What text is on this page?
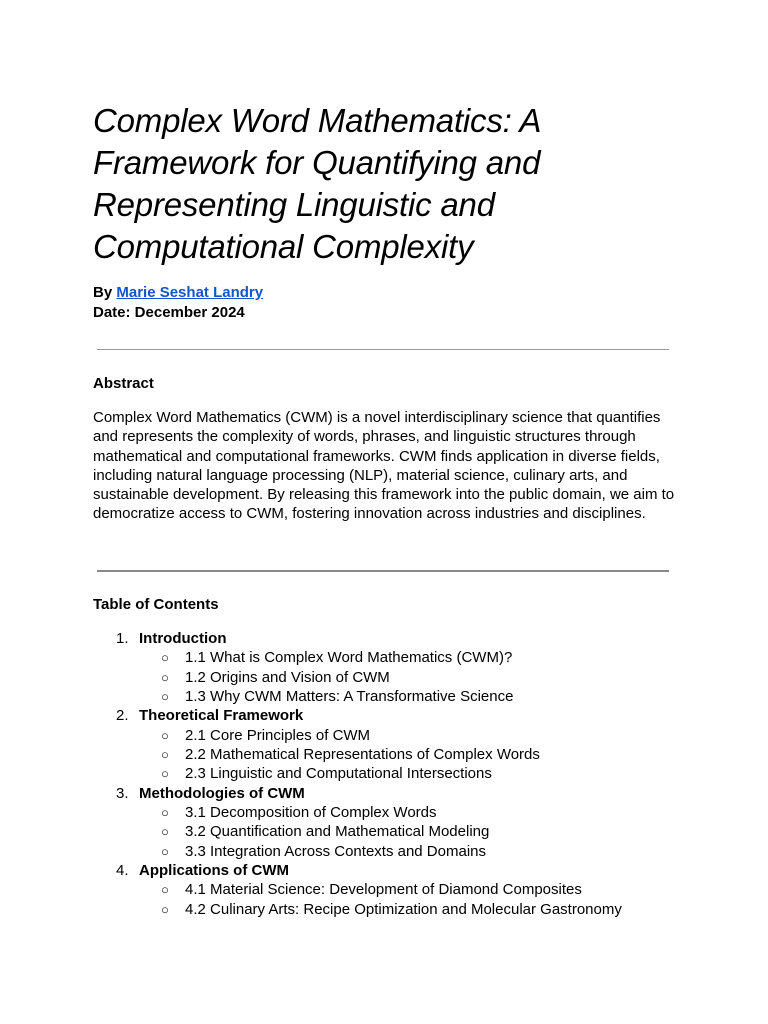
Complex Word Mathematics: A Framework for Quantifying and Representing Linguistic and Computational Complexity
By Marie Seshat Landry
Date: December 2024
Abstract

Complex Word Mathematics (CWM) is a novel interdisciplinary science that quantifies and represents the complexity of words, phrases, and linguistic structures through mathematical and computational frameworks. CWM finds application in diverse fields, including natural language processing (NLP), material science, culinary arts, and sustainable development. By releasing this framework into the public domain, we aim to democratize access to CWM, fostering innovation across industries and disciplines.

Table of Contents
1. Introduction
○ 1.1 What is Complex Word Mathematics (CWM)?
○ 1.2 Origins and Vision of CWM
○ 1.3 Why CWM Matters: A Transformative Science
2. Theoretical Framework
○ 2.1 Core Principles of CWM
○ 2.2 Mathematical Representations of Complex Words
○ 2.3 Linguistic and Computational Intersections
3. Methodologies of CWM
○ 3.1 Decomposition of Complex Words
○ 3.2 Quantification and Mathematical Modeling
○ 3.3 Integration Across Contexts and Domains
4. Applications of CWM
○ 4.1 Material Science: Development of Diamond Composites
○ 4.2 Culinary Arts: Recipe Optimization and Molecular Gastronomy
